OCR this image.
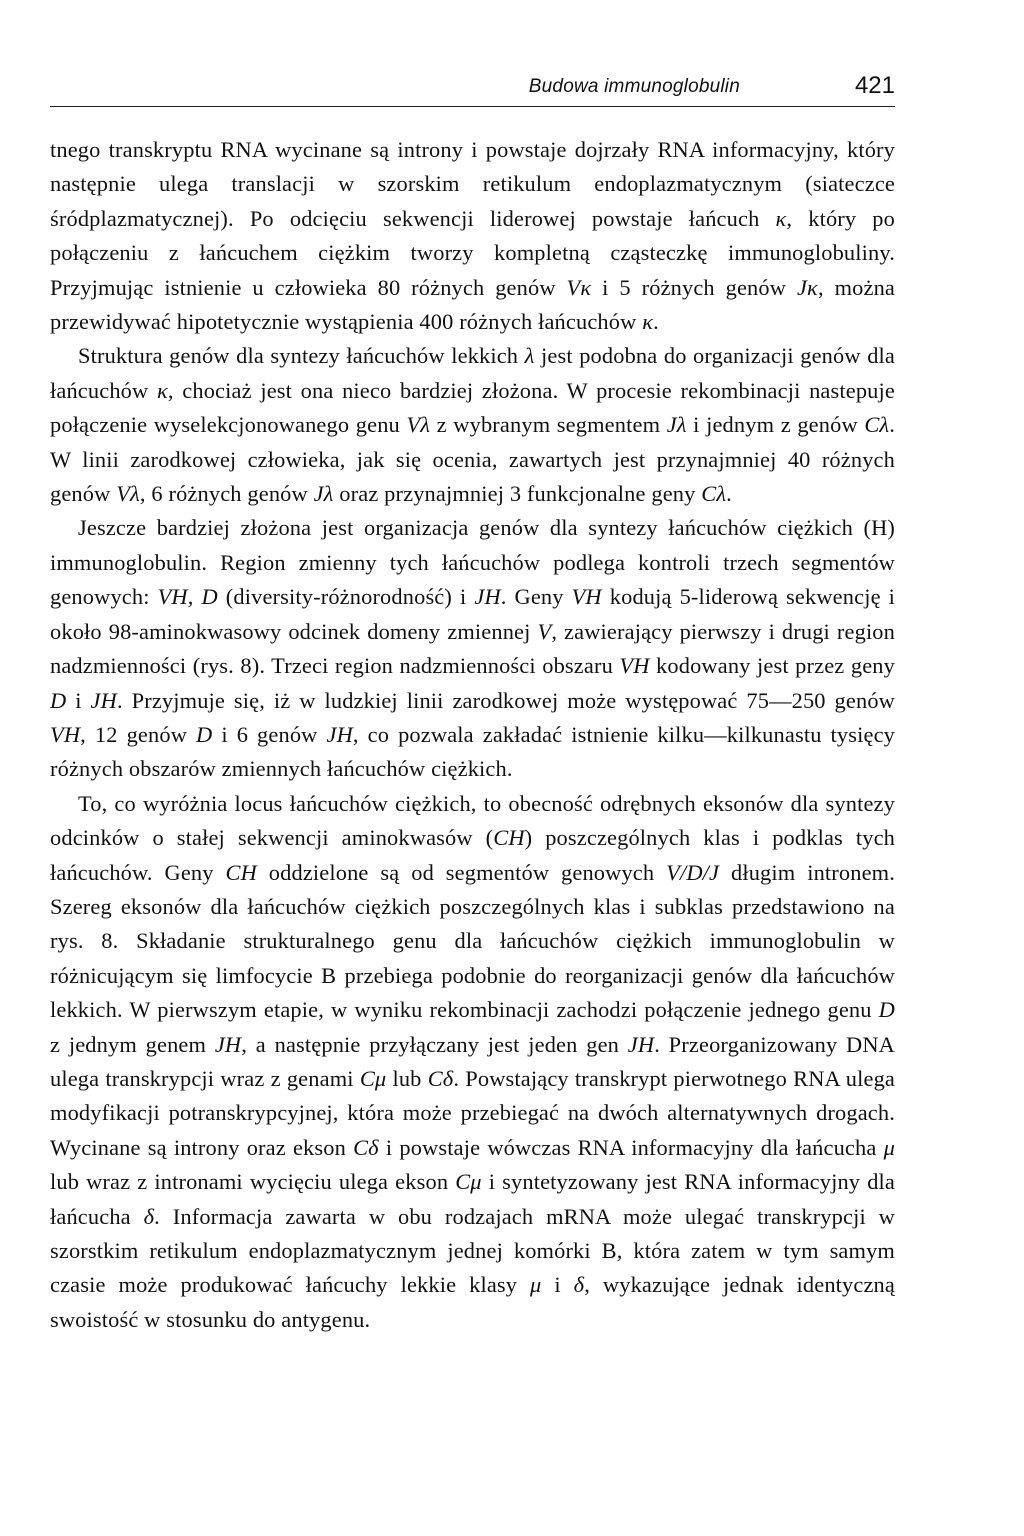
Budowa immunoglobulin	421

tnego transkryptu RNA wycinane są introny i powstaje dojrzały RNA informacyjny, który następnie ulega translacji w szorskim retikulum endoplazmatycznym (siateczce śródplazmatycznej). Po odcięciu sekwencji liderowej powstaje łańcuch κ, który po połączeniu z łańcuchem ciężkim tworzy kompletną cząsteczkę immunoglobuliny. Przyjmując istnienie u człowieka 80 różnych genów Vκ i 5 różnych genów Jκ, można przewidywać hipotetycznie wystąpienia 400 różnych łańcuchów κ.

Struktura genów dla syntezy łańcuchów lekkich λ jest podobna do organizacji genów dla łańcuchów κ, chociaż jest ona nieco bardziej złożona. W procesie rekombinacji nastepuje połączenie wyselekcjonowanego genu Vλ z wybranym segmentem Jλ i jednym z genów Cλ. W linii zarodkowej człowieka, jak się ocenia, zawartych jest przynajmniej 40 różnych genów Vλ, 6 różnych genów Jλ oraz przynajmniej 3 funkcjonalne geny Cλ.

Jeszcze bardziej złożona jest organizacja genów dla syntezy łańcuchów ciężkich (H) immunoglobulin. Region zmienny tych łańcuchów podlega kontroli trzech segmentów genowych: VH, D (diversity-różnorodność) i JH. Geny VH kodują 5-liderową sekwencję i około 98-aminokwasowy odcinek domeny zmiennej V, zawierający pierwszy i drugi region nadzmienności (rys. 8). Trzeci region nadzmienności obszaru VH kodowany jest przez geny D i JH. Przyjmuje się, iż w ludzkiej linii zarodkowej może występować 75—250 genów VH, 12 genów D i 6 genów JH, co pozwala zakładać istnienie kilku—kilkunastu tysięcy różnych obszarów zmiennych łańcuchów ciężkich.

To, co wyróżnia locus łańcuchów ciężkich, to obecność odrębnych eksonów dla syntezy odcinków o stałej sekwencji aminokwasów (CH) poszczególnych klas i podklas tych łańcuchów. Geny CH oddzielone są od segmentów genowych V/D/J długim intronem. Szereg eksonów dla łańcuchów ciężkich poszczególnych klas i subklas przedstawiono na rys. 8. Składanie strukturalnego genu dla łańcuchów ciężkich immunoglobulin w różnicującym się limfocycie B przebiega podobnie do reorganizacji genów dla łańcuchów lekkich. W pierwszym etapie, w wyniku rekombinacji zachodzi połączenie jednego genu D z jednym genem JH, a następnie przyłączany jest jeden gen JH. Przeorganizowany DNA ulega transkrypcji wraz z genami Cμ lub Cδ. Powstający transkrypt pierwotnego RNA ulega modyfikacji potranskrypcyjnej, która może przebiegać na dwóch alternatywnych drogach. Wycinane są introny oraz ekson Cδ i powstaje wówczas RNA informacyjny dla łańcucha μ lub wraz z intronami wycięciu ulega ekson Cμ i syntetyzowany jest RNA informacyjny dla łańcucha δ. Informacja zawarta w obu rodzajach mRNA może ulegać transkrypcji w szorstkim retikulum endoplazmatycznym jednej komórki B, która zatem w tym samym czasie może produkować łańcuchy lekkie klasy μ i δ, wykazujące jednak identyczną swoistość w stosunku do antygenu.
